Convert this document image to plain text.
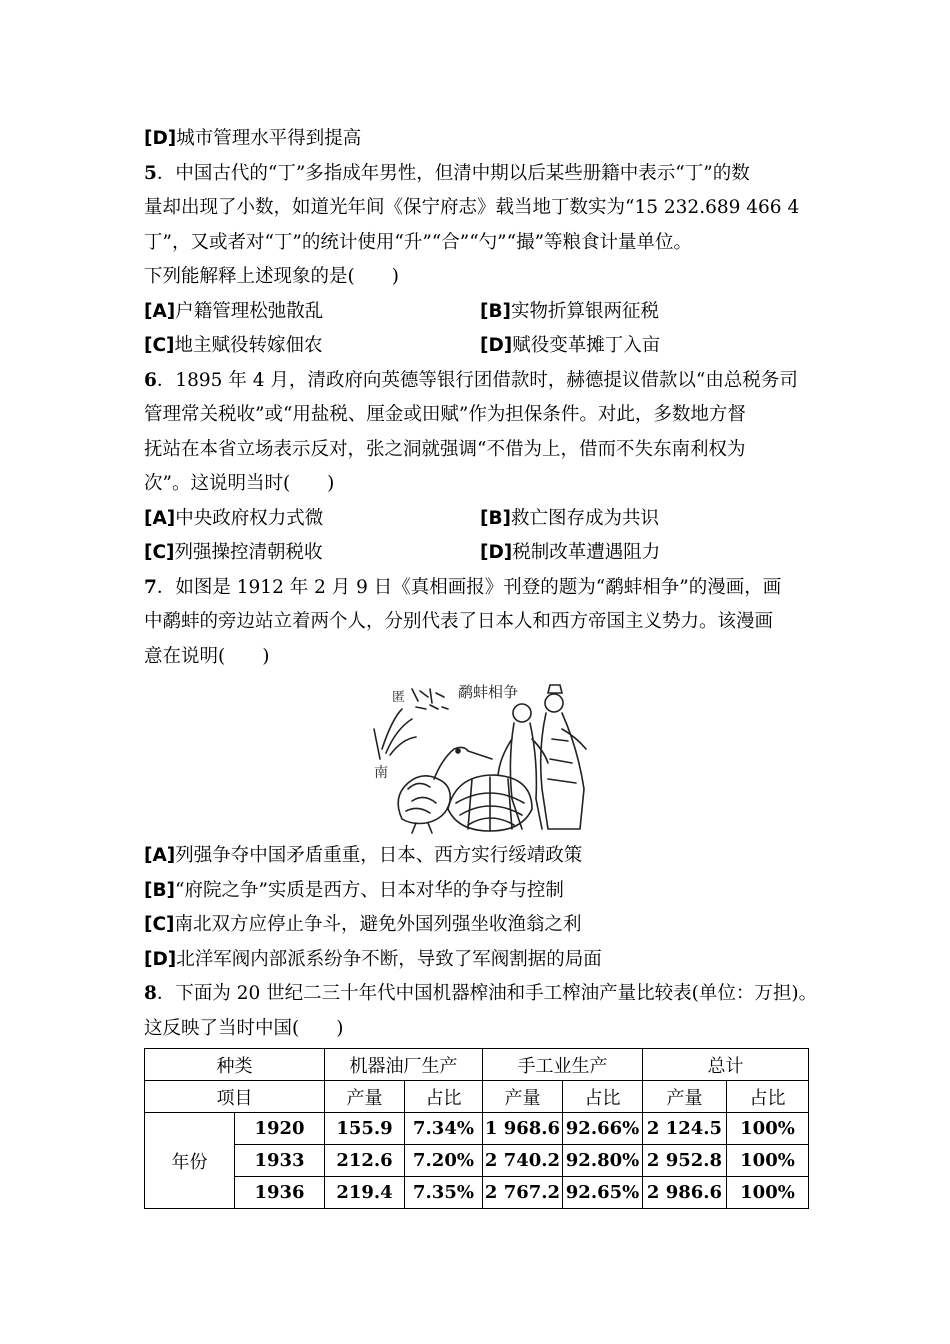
[D]城市管理水平得到提高
5．中国古代的“丁”多指成年男性，但清中期以后某些册籍中表示“丁”的数
量却出现了小数，如道光年间《保宁府志》载当地丁数实为“15 232.689 466 4
丁”，又或者对“丁”的统计使用“升”“合”“勺”“撮”等粮食计量单位。
下列能解释上述现象的是(　　)
[A]户籍管理松弛散乱	[B]实物折算银两征税
[C]地主赋役转嫁佃农	[D]赋役变革摊丁入亩
6．1895 年 4 月，清政府向英德等银行团借款时，赫德提议借款以“由总税务司
管理常关税收”或“用盐税、厘金或田赋”作为担保条件。对此，多数地方督
抚站在本省立场表示反对，张之洞就强调“不借为上，借而不失东南利权为
次”。这说明当时(　　)
[A]中央政府权力式微	[B]救亡图存成为共识
[C]列强操控清朝税收	[D]税制改革遭遇阻力
7．如图是 1912 年 2 月 9 日《真相画报》刊登的题为“鹬蚌相争”的漫画，画
中鹬蚌的旁边站立着两个人，分别代表了日本人和西方帝国主义势力。该漫画
意在说明(　　)
鹬蚌相争
匿
南
[A]列强争夺中国矛盾重重，日本、西方实行绥靖政策
[B]“府院之争”实质是西方、日本对华的争夺与控制
[C]南北双方应停止争斗，避免外国列强坐收渔翁之利
[D]北洋军阀内部派系纷争不断，导致了军阀割据的局面
8．下面为 20 世纪二三十年代中国机器榨油和手工榨油产量比较表(单位：万担)。
这反映了当时中国(　　)
种类		机器油厂生产		手工业生产		总计	
项目		产量	占比	产量	占比	产量	占比
年份	1920	155.9	7.34%	1 968.6	92.66%	2 124.5	100%
	1933	212.6	7.20%	2 740.2	92.80%	2 952.8	100%
	1936	219.4	7.35%	2 767.2	92.65%	2 986.6	100%
